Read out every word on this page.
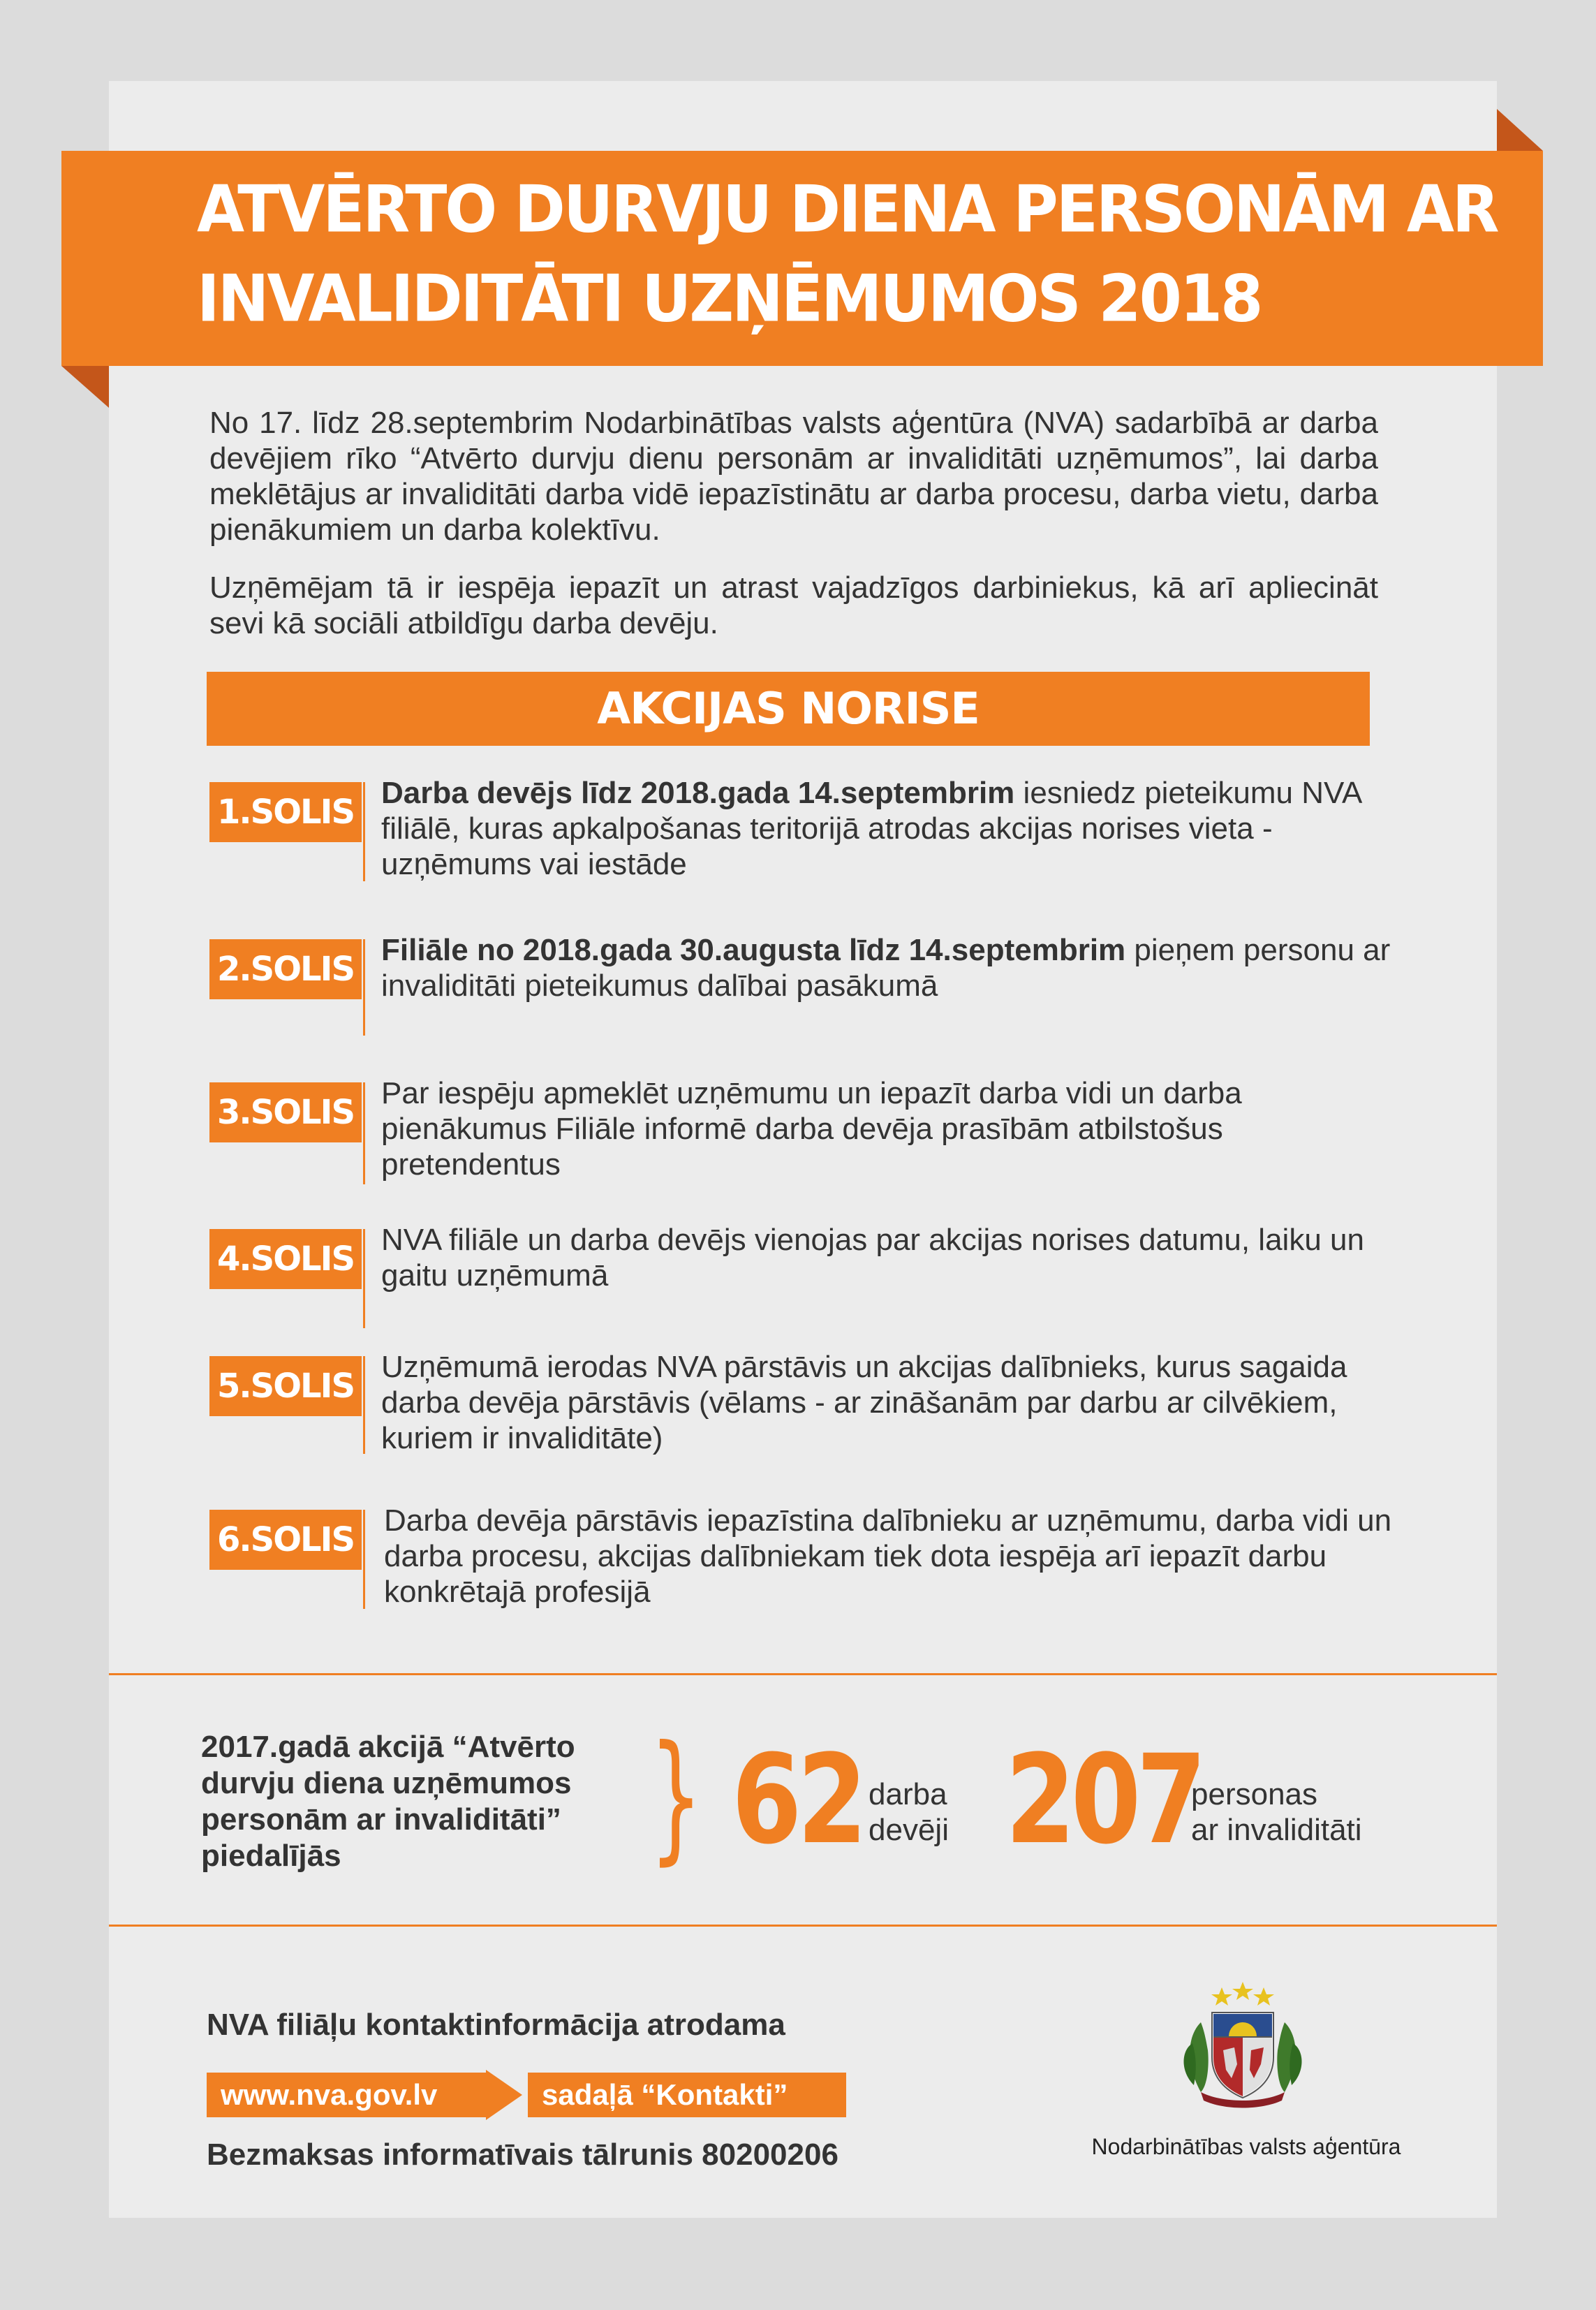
ATVĒRTO DURVJU DIENA PERSONĀM AR
INVALIDITĀTI UZŅĒMUMOS 2018

No 17. līdz 28.septembrim Nodarbinātības valsts aģentūra (NVA) sadarbībā ar darba devējiem rīko “Atvērto durvju dienu personām ar invaliditāti uzņēmumos”, lai darba meklētājus ar invaliditāti darba vidē iepazīstinātu ar darba procesu, darba vietu, darba pienākumiem un darba kolektīvu.

Uzņēmējam tā ir iespēja iepazīt un atrast vajadzīgos darbiniekus, kā arī apliecināt sevi kā sociāli atbildīgu darba devēju.

AKCIJAS NORISE
1.SOLIS Darba devējs līdz 2018.gada 14.septembrim iesniedz pieteikumu NVA filiālē, kuras apkalpošanas teritorijā atrodas akcijas norises vieta - uzņēmums vai iestāde
2.SOLIS Filiāle no 2018.gada 30.augusta līdz 14.septembrim pieņem personu ar invaliditāti pieteikumus dalībai pasākumā
3.SOLIS Par iespēju apmeklēt uzņēmumu un iepazīt darba vidi un darba pienākumus Filiāle informē darba devēja prasībām atbilstošus pretendentus
4.SOLIS NVA filiāle un darba devējs vienojas par akcijas norises datumu, laiku un gaitu uzņēmumā
5.SOLIS Uzņēmumā ierodas NVA pārstāvis un akcijas dalībnieks, kurus sagaida darba devēja pārstāvis (vēlams - ar zināšanām par darbu ar cilvēkiem, kuriem ir invaliditāte)
6.SOLIS Darba devēja pārstāvis iepazīstina dalībnieku ar uzņēmumu, darba vidi un darba procesu, akcijas dalībniekam tiek dota iespēja arī iepazīt darbu konkrētajā profesijā
2017.gadā akcijā “Atvērto durvju diena uzņēmumos personām ar invaliditāti” piedalījās	} 62 darba
devēji 207
personas
ar invaliditāti
NVA filiāļu kontaktinformācija atrodama
www.nva.gov.lv	sadaļā “Kontakti”
Bezmaksas informatīvais tālrunis 80200206	Nodarbinātības valsts aģentūra
